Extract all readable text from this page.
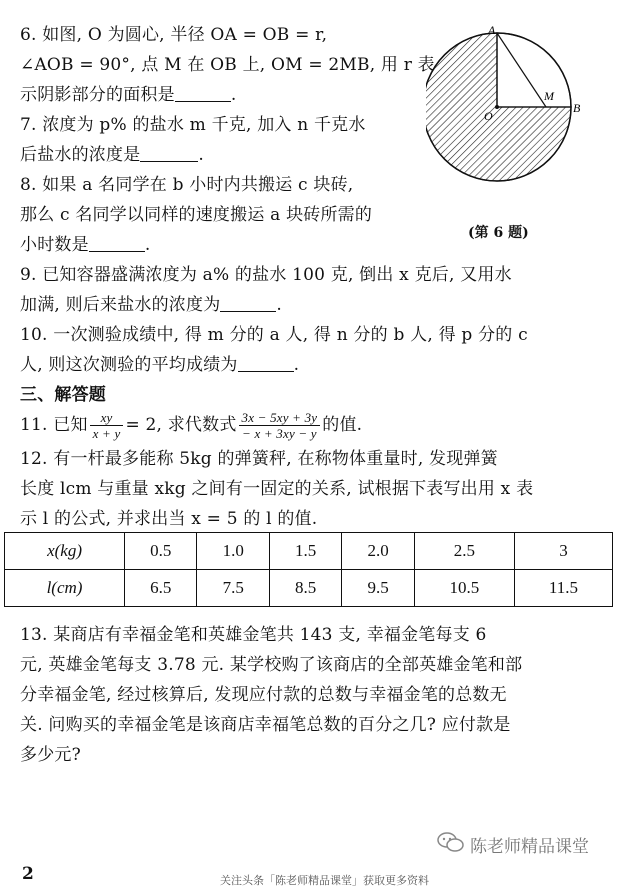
6. 如图, O 为圆心, 半径 OA = OB = r,
∠AOB = 90°, 点 M 在 OB 上, OM = 2MB, 用 r 表
示阴影部分的面积是	.
7. 浓度为 p% 的盐水 m 千克, 加入 n 千克水
后盐水的浓度是	.
8. 如果 a 名同学在 b 小时内共搬运 c 块砖,
那么 c 名同学以同样的速度搬运 a 块砖所需的
小时数是	.
9. 已知容器盛满浓度为 a% 的盐水 100 克, 倒出 x 克后, 又用水
加满, 则后来盐水的浓度为	.
10. 一次测验成绩中, 得 m 分的 a 人, 得 n 分的 b 人, 得 p 分的 c
人, 则这次测验的平均成绩为	.
三、解答题
11. 已知 $\frac{xy}{x + y} = 2$, 求代数式 $\frac{3x - 5xy + 3y}{- x + 3xy - y}$ 的值.
12. 有一杆最多能称 5kg 的弹簧秤, 在称物体重量时, 发现弹簧
长度 lcm 与重量 xkg 之间有一固定的关系, 试根据下表写出用 x 表
示 l 的公式, 并求出当 x = 5 的 l 的值.
x(kg)	0.5	1.0	1.5	2.0	2.5	3
l(cm)	6.5	7.5	8.5	9.5	10.5	11.5
13. 某商店有幸福金笔和英雄金笔共 143 支, 幸福金笔每支 6
元, 英雄金笔每支 3.78 元. 某学校购了该商店的全部英雄金笔和部
分幸福金笔, 经过核算后, 发现应付款的总数与幸福金笔的总数无
关. 问购买的幸福金笔是该商店幸福笔总数的百分之几? 应付款是
多少元?
A
M
B
O
(第 6 题)
陈老师精品课堂
2	关注头条「陈老师精品课堂」获取更多资料
